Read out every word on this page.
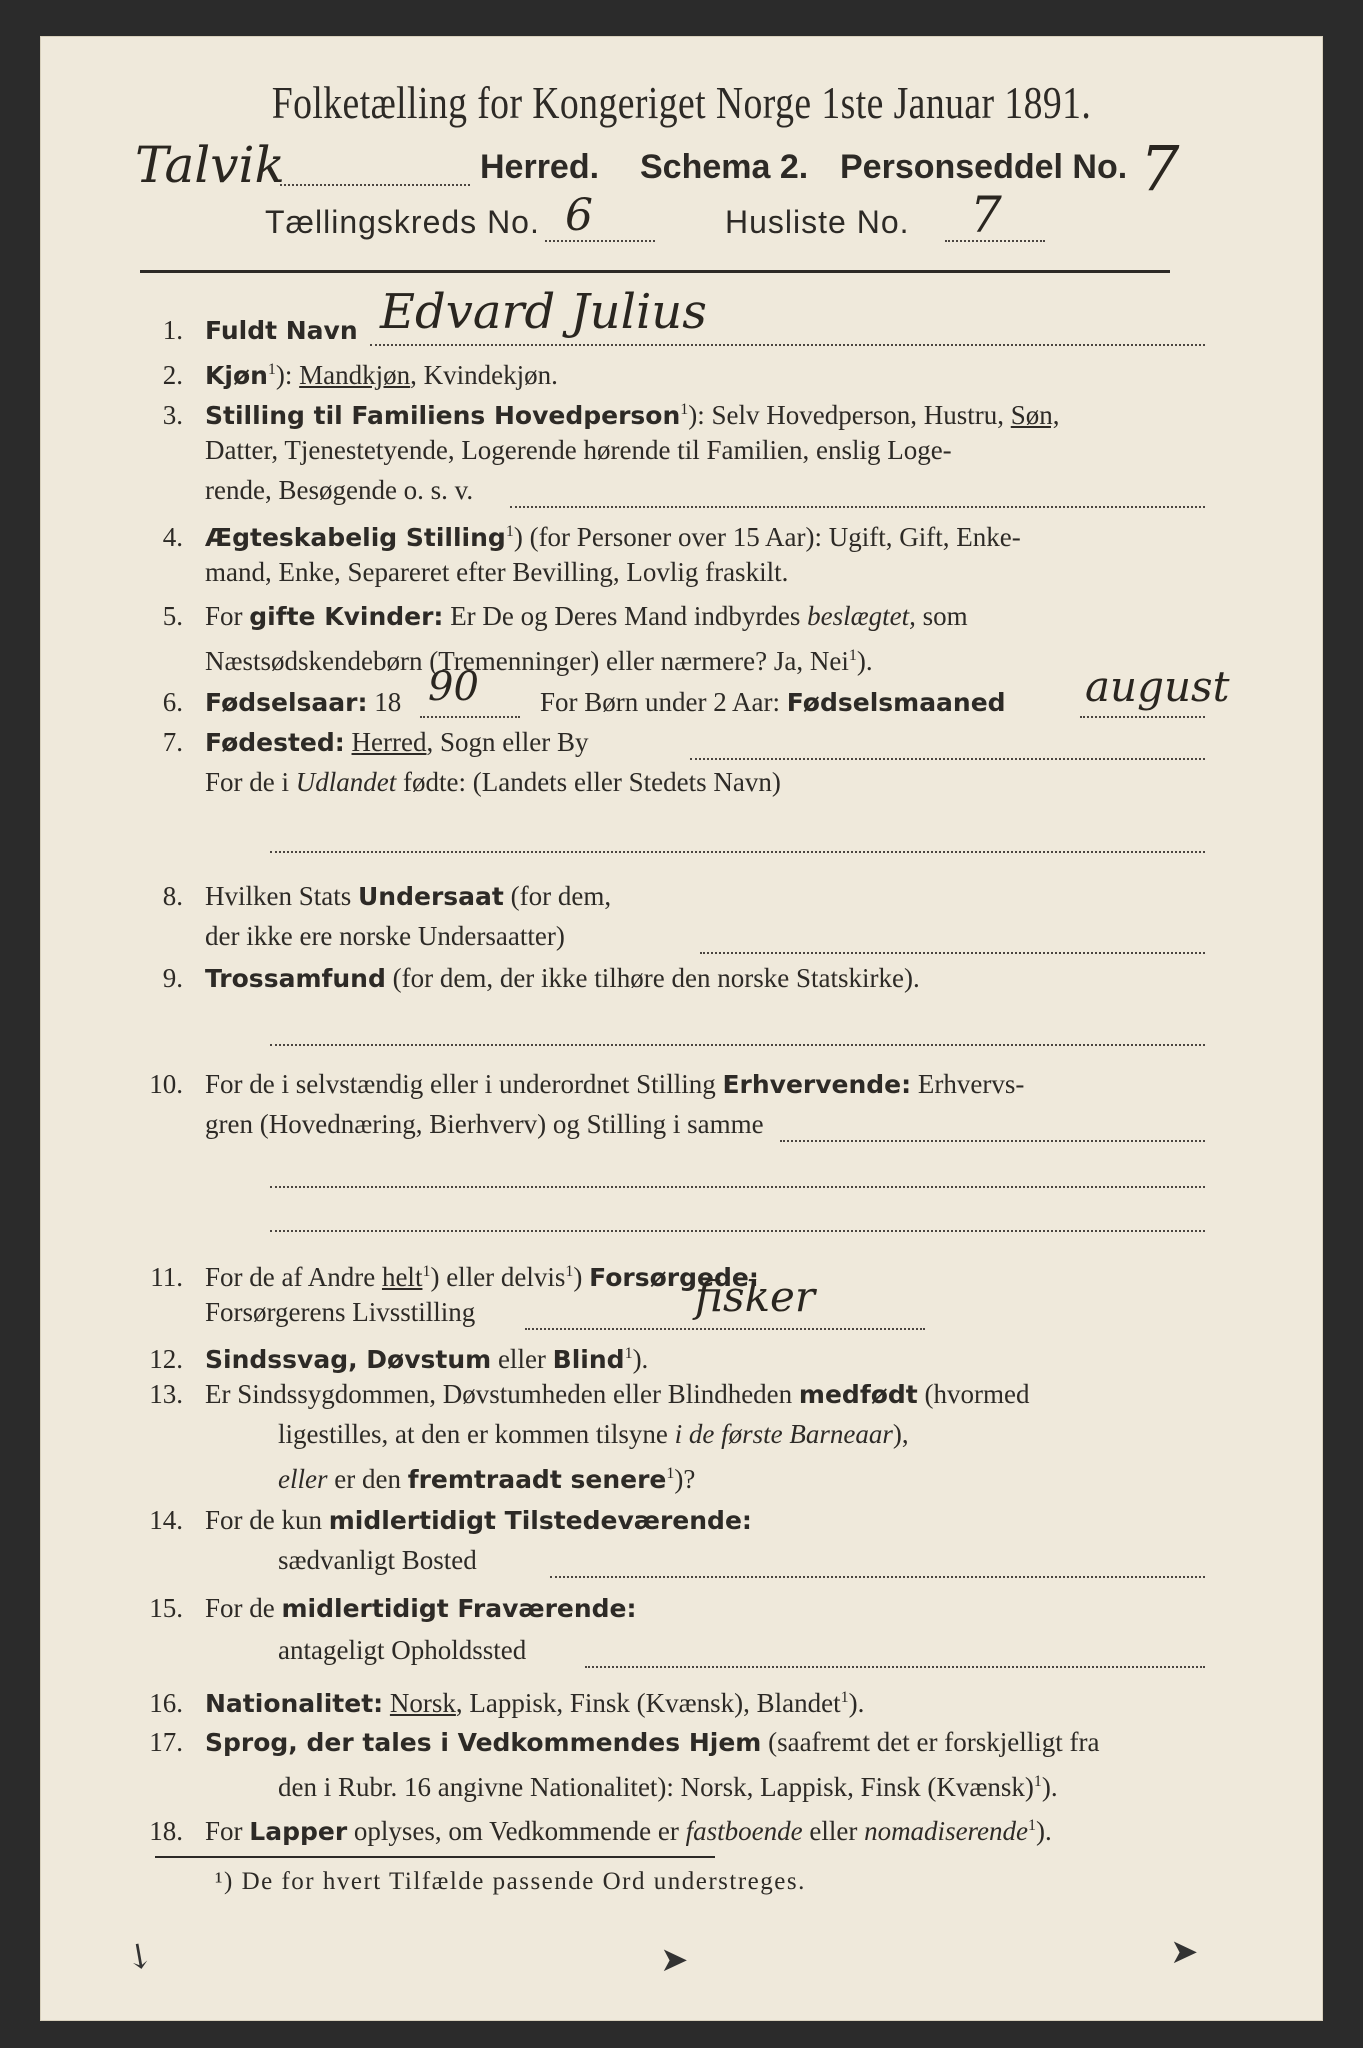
Folketælling for Kongeriget Norge 1ste Januar 1891.
Talvik	Herred. Schema 2. Personseddel No. 7
Tællingskreds No. 6	Husliste No. 7
1. Fuldt Navn Edvard Julius
2. Kjøn$^1$): Mandkjøn, Kvindekjøn.
3. Stilling til Familiens Hovedperson$^1$): Selv Hovedperson, Hustru, Søn,
Datter, Tjenestetyende, Logerende hørende til Familien, enslig Loge-
rende, Besøgende o. s. v.
4. Ægteskabelig Stilling$^1$) (for Personer over 15 Aar): Ugift, Gift, Enke-
mand, Enke, Separeret efter Bevilling, Lovlig fraskilt.
5. For gifte Kvinder: Er De og Deres Mand indbyrdes beslægtet, som
Næstsødskendebørn (Tremenninger) eller nærmere? Ja, Nei$^1$).
6. Fødselsaar: 18 90 For Børn under 2 Aar: Fødselsmaaned august
7. Fødested: Herred, Sogn eller By
For de i Udlandet fødte: (Landets eller Stedets Navn)
8. Hvilken Stats Undersaat (for dem,
der ikke ere norske Undersaatter)
9. Trossamfund (for dem, der ikke tilhøre den norske Statskirke).
10. For de i selvstændig eller i underordnet Stilling Erhvervende: Erhvervs-
gren (Hovednæring, Bierhverv) og Stilling i samme
11. For de af Andre helt$^1$) eller delvis$^1$) Forsørgede:
Forsørgerens Livsstilling	fisker
12. Sindssvag, Døvstum eller Blind$^1$).
13. Er Sindssygdommen, Døvstumheden eller Blindheden medfødt (hvormed
ligestilles, at den er kommen tilsyne i de første Barneaar),
eller er den fremtraadt senere$^1$)?
14. For de kun midlertidigt Tilstedeværende:
sædvanligt Bosted
15. For de midlertidigt Fraværende:
antageligt Opholdssted
16. Nationalitet: Norsk, Lappisk, Finsk (Kvænsk), Blandet$^1$).
17. Sprog, der tales i Vedkommendes Hjem (saafremt det er forskjelligt fra
den i Rubr. 16 angivne Nationalitet): Norsk, Lappisk, Finsk (Kvænsk)$^1$).
18. For Lapper oplyses, om Vedkommende er fastboende eller nomadiserende$^1$).
¹) De for hvert Tilfælde passende Ord understreges.
↘	➤	➤
